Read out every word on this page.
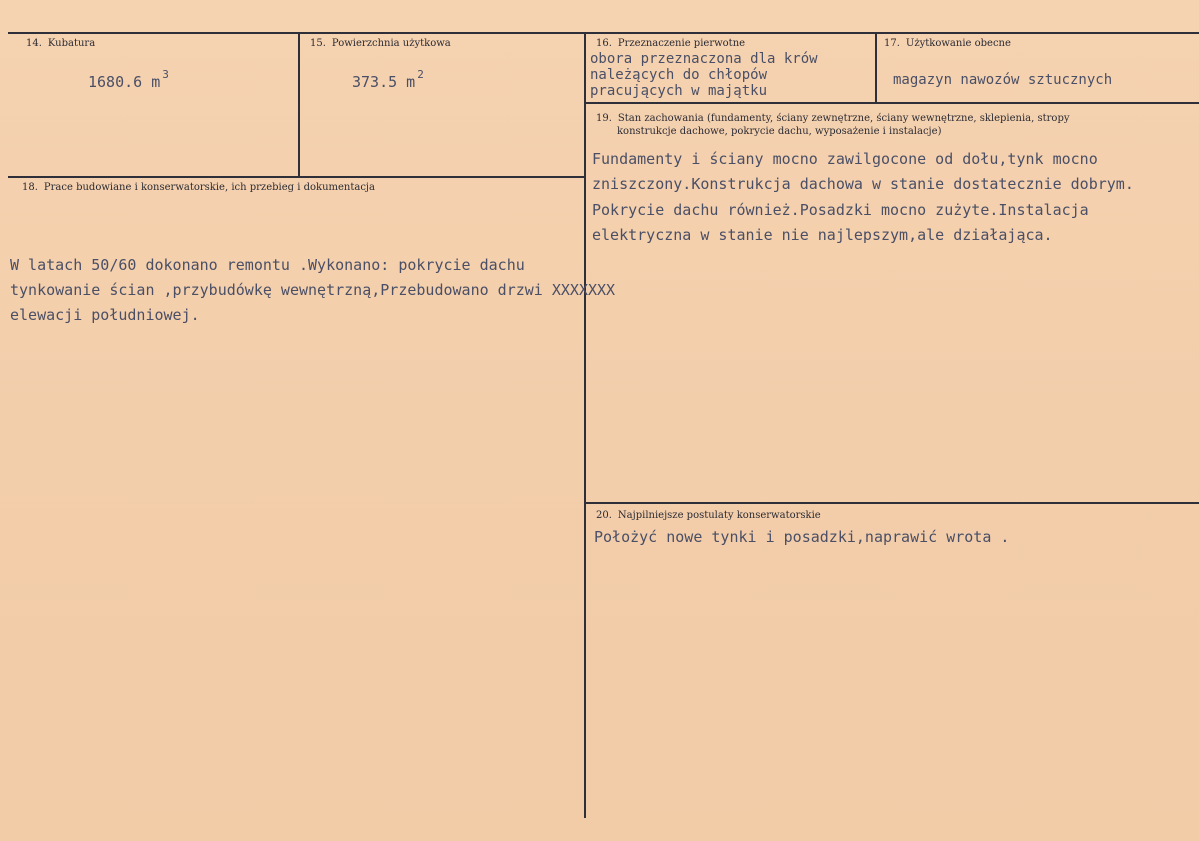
14. Kubatura
1680.6 m $^3$
15. Powierzchnia użytkowa
373.5 m $^2$
16. Przeznaczenie pierwotne
obora przeznaczona dla krów
należących do chłopów
pracujących w majątku
17. Użytkowanie obecne
magazyn nawozów sztucznych
19. Stan zachowania (fundamenty, ściany zewnętrzne, ściany wewnętrzne, sklepienia, stropy
konstrukcje dachowe, pokrycie dachu, wyposażenie i instalacje)
Fundamenty i ściany mocno zawilgocone od dołu,tynk mocno
zniszczony.Konstrukcja dachowa w stanie dostatecznie dobrym.
Pokrycie dachu również.Posadzki mocno zużyte.Instalacja
elektryczna w stanie nie najlepszym,ale działająca.
18. Prace budowiane i konserwatorskie, ich przebieg i dokumentacja
W latach 50/60 dokonano remontu .Wykonano: pokrycie dachu
tynkowanie ścian ,przybudówkę wewnętrzną,Przebudowano drzwi XXXXXXX
elewacji południowej.
20. Najpilniejsze postulaty konserwatorskie
Położyć nowe tynki i posadzki,naprawić wrota .
